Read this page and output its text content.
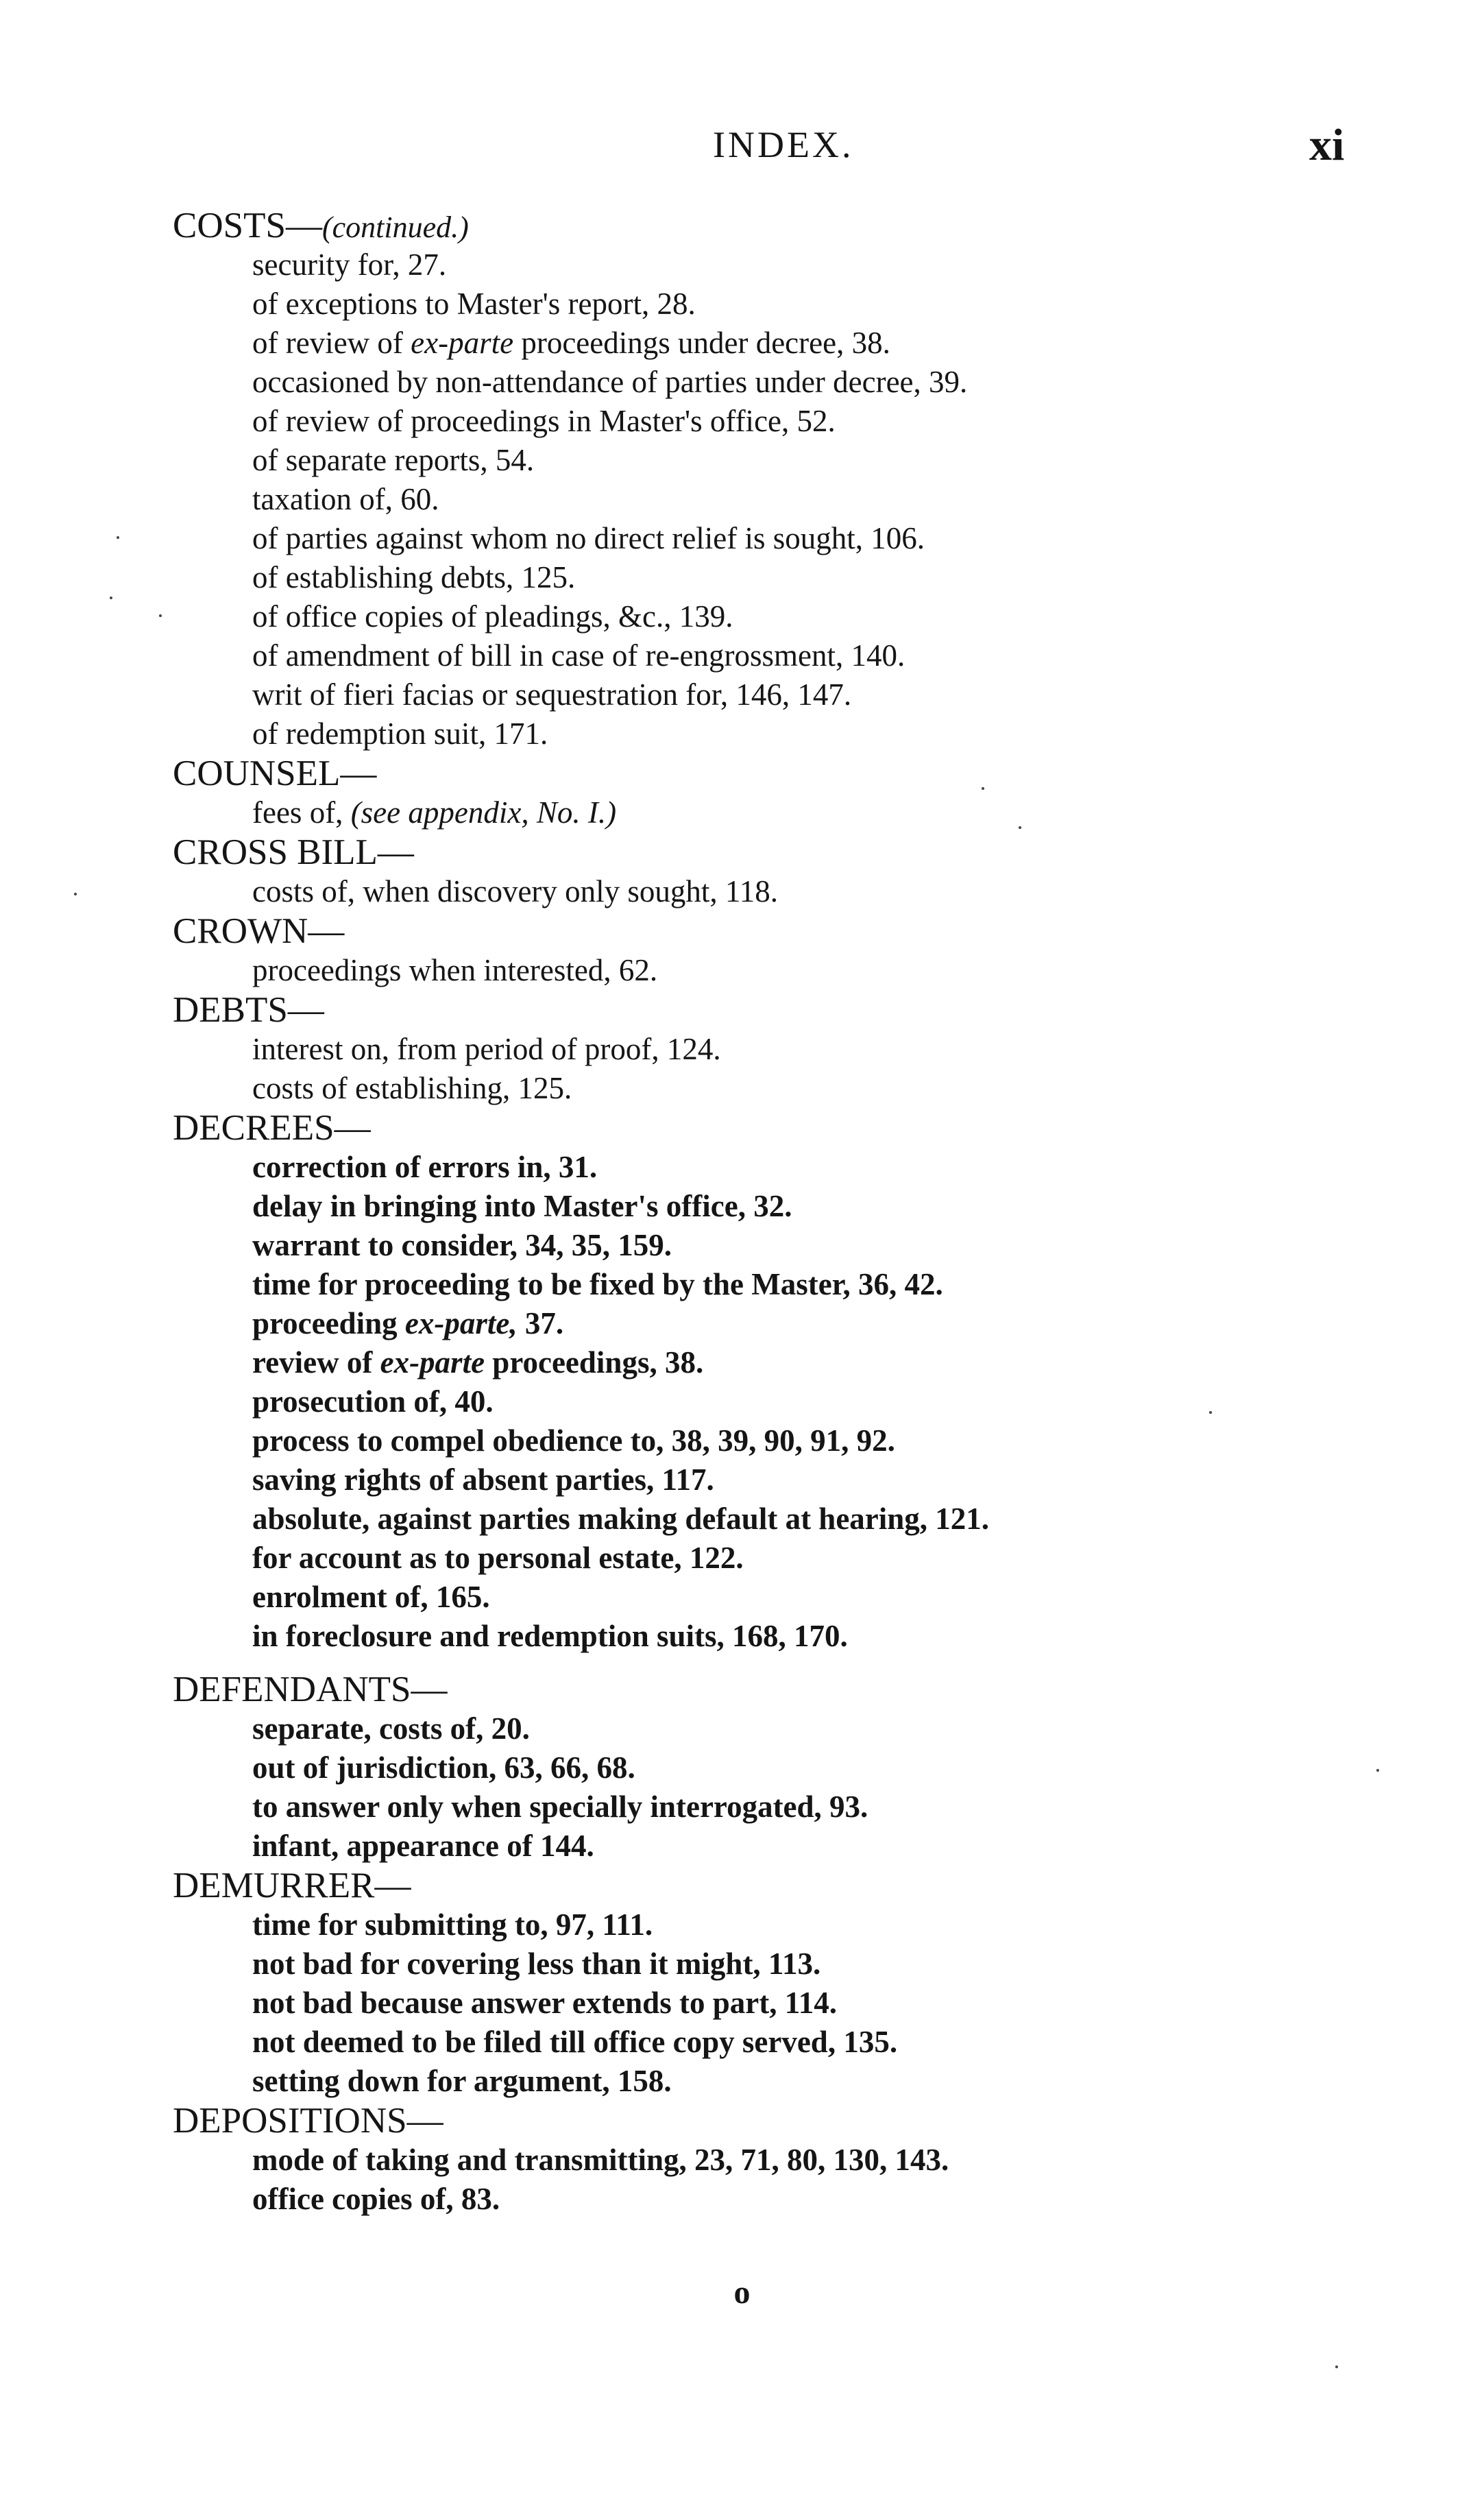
INDEX.	xi
COSTS—(continued.)
security for, 27.
of exceptions to Master's report, 28.
of review of ex-parte proceedings under decree, 38.
occasioned by non-attendance of parties under decree, 39.
of review of proceedings in Master's office, 52.
of separate reports, 54.
taxation of, 60.
of parties against whom no direct relief is sought, 106.
of establishing debts, 125.
of office copies of pleadings, &c., 139.
of amendment of bill in case of re-engrossment, 140.
writ of fieri facias or sequestration for, 146, 147.
of redemption suit, 171.
COUNSEL—
fees of, (see appendix, No. I.)
CROSS BILL—
costs of, when discovery only sought, 118.
CROWN—
proceedings when interested, 62.
DEBTS—
interest on, from period of proof, 124.
costs of establishing, 125.
DECREES—
correction of errors in, 31.
delay in bringing into Master's office, 32.
warrant to consider, 34, 35, 159.
time for proceeding to be fixed by the Master, 36, 42.
proceeding ex-parte, 37.
review of ex-parte proceedings, 38.
prosecution of, 40.
process to compel obedience to, 38, 39, 90, 91, 92.
saving rights of absent parties, 117.
absolute, against parties making default at hearing, 121.
for account as to personal estate, 122.
enrolment of, 165.
in foreclosure and redemption suits, 168, 170.
DEFENDANTS—
separate, costs of, 20.
out of jurisdiction, 63, 66, 68.
to answer only when specially interrogated, 93.
infant, appearance of 144.
DEMURRER—
time for submitting to, 97, 111.
not bad for covering less than it might, 113.
not bad because answer extends to part, 114.
not deemed to be filed till office copy served, 135.
setting down for argument, 158.
DEPOSITIONS—
mode of taking and transmitting, 23, 71, 80, 130, 143.
office copies of, 83.
o
